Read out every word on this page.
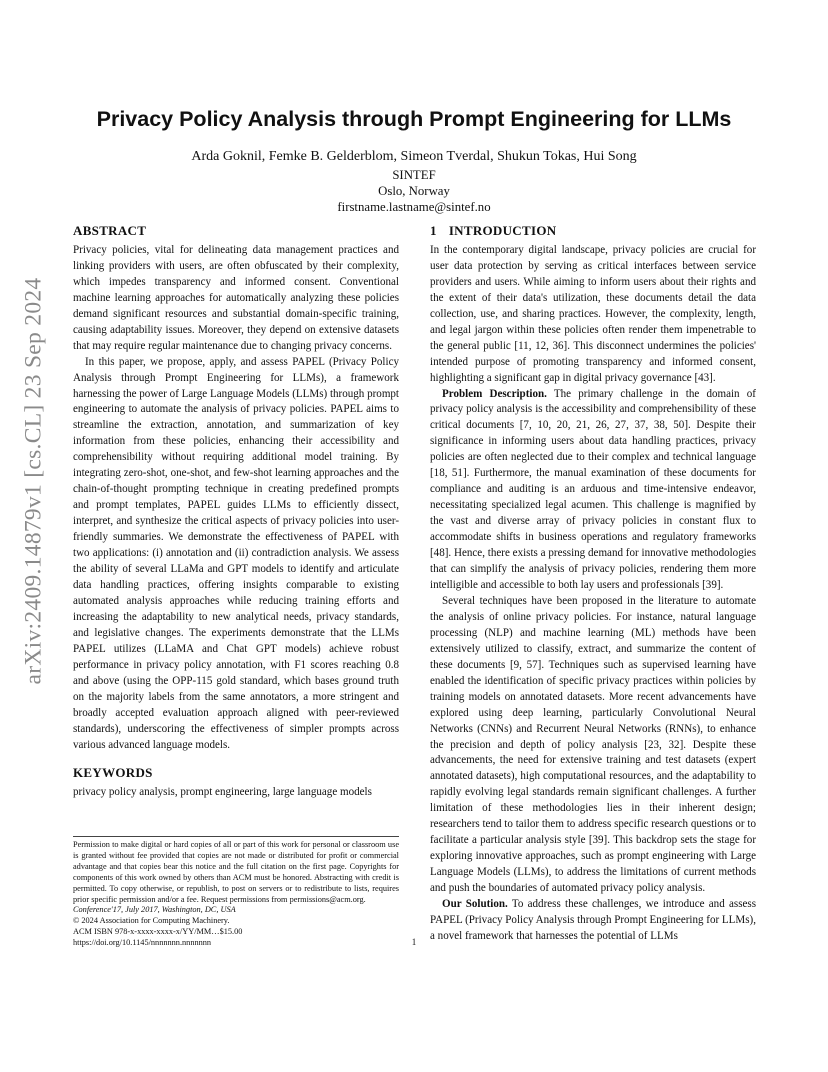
arXiv:2409.14879v1 [cs.CL] 23 Sep 2024
Privacy Policy Analysis through Prompt Engineering for LLMs
Arda Goknil, Femke B. Gelderblom, Simeon Tverdal, Shukun Tokas, Hui Song
SINTEF
Oslo, Norway
firstname.lastname@sintef.no
ABSTRACT

Privacy policies, vital for delineating data management practices and linking providers with users, are often obfuscated by their complexity, which impedes transparency and informed consent. Conventional machine learning approaches for automatically analyzing these policies demand significant resources and substantial domain-specific training, causing adaptability issues. Moreover, they depend on extensive datasets that may require regular maintenance due to changing privacy concerns.

In this paper, we propose, apply, and assess PAPEL (Privacy Policy Analysis through Prompt Engineering for LLMs), a framework harnessing the power of Large Language Models (LLMs) through prompt engineering to automate the analysis of privacy policies. PAPEL aims to streamline the extraction, annotation, and summarization of key information from these policies, enhancing their accessibility and comprehensibility without requiring additional model training. By integrating zero-shot, one-shot, and few-shot learning approaches and the chain-of-thought prompting technique in creating predefined prompts and prompt templates, PAPEL guides LLMs to efficiently dissect, interpret, and synthesize the critical aspects of privacy policies into user-friendly summaries. We demonstrate the effectiveness of PAPEL with two applications: (i) annotation and (ii) contradiction analysis. We assess the ability of several LLaMa and GPT models to identify and articulate data handling practices, offering insights comparable to existing automated analysis approaches while reducing training efforts and increasing the adaptability to new analytical needs, privacy standards, and legislative changes. The experiments demonstrate that the LLMs PAPEL utilizes (LLaMA and Chat GPT models) achieve robust performance in privacy policy annotation, with F1 scores reaching 0.8 and above (using the OPP-115 gold standard, which bases ground truth on the majority labels from the same annotators, a more stringent and broadly accepted evaluation approach aligned with peer-reviewed standards), underscoring the effectiveness of simpler prompts across various advanced language models.

KEYWORDS

privacy policy analysis, prompt engineering, large language models

Permission to make digital or hard copies of all or part of this work for personal or classroom use is granted without fee provided that copies are not made or distributed for profit or commercial advantage and that copies bear this notice and the full citation on the first page. Copyrights for components of this work owned by others than ACM must be honored. Abstracting with credit is permitted. To copy otherwise, or republish, to post on servers or to redistribute to lists, requires prior specific permission and/or a fee. Request permissions from permissions@acm.org.

Conference'17, July 2017, Washington, DC, USA

© 2024 Association for Computing Machinery.

ACM ISBN 978-x-xxxx-xxxx-x/YY/MM…$15.00

https://doi.org/10.1145/nnnnnnn.nnnnnnn

1 INTRODUCTION

In the contemporary digital landscape, privacy policies are crucial for user data protection by serving as critical interfaces between service providers and users. While aiming to inform users about their rights and the extent of their data's utilization, these documents detail the data collection, use, and sharing practices. However, the complexity, length, and legal jargon within these policies often render them impenetrable to the general public [11, 12, 36]. This disconnect undermines the policies' intended purpose of promoting transparency and informed consent, highlighting a significant gap in digital privacy governance [43].

Problem Description. The primary challenge in the domain of privacy policy analysis is the accessibility and comprehensibility of these critical documents [7, 10, 20, 21, 26, 27, 37, 38, 50]. Despite their significance in informing users about data handling practices, privacy policies are often neglected due to their complex and technical language [18, 51]. Furthermore, the manual examination of these documents for compliance and auditing is an arduous and time-intensive endeavor, necessitating specialized legal acumen. This challenge is magnified by the vast and diverse array of privacy policies in constant flux to accommodate shifts in business operations and regulatory frameworks [48]. Hence, there exists a pressing demand for innovative methodologies that can simplify the analysis of privacy policies, rendering them more intelligible and accessible to both lay users and professionals [39].

Several techniques have been proposed in the literature to automate the analysis of online privacy policies. For instance, natural language processing (NLP) and machine learning (ML) methods have been extensively utilized to classify, extract, and summarize the content of these documents [9, 57]. Techniques such as supervised learning have enabled the identification of specific privacy practices within policies by training models on annotated datasets. More recent advancements have explored using deep learning, particularly Convolutional Neural Networks (CNNs) and Recurrent Neural Networks (RNNs), to enhance the precision and depth of policy analysis [23, 32]. Despite these advancements, the need for extensive training and test datasets (expert annotated datasets), high computational resources, and the adaptability to rapidly evolving legal standards remain significant challenges. A further limitation of these methodologies lies in their inherent design; researchers tend to tailor them to address specific research questions or to facilitate a particular analysis style [39]. This backdrop sets the stage for exploring innovative approaches, such as prompt engineering with Large Language Models (LLMs), to address the limitations of current methods and push the boundaries of automated privacy policy analysis.

Our Solution. To address these challenges, we introduce and assess PAPEL (Privacy Policy Analysis through Prompt Engineering for LLMs), a novel framework that harnesses the potential of LLMs

1
